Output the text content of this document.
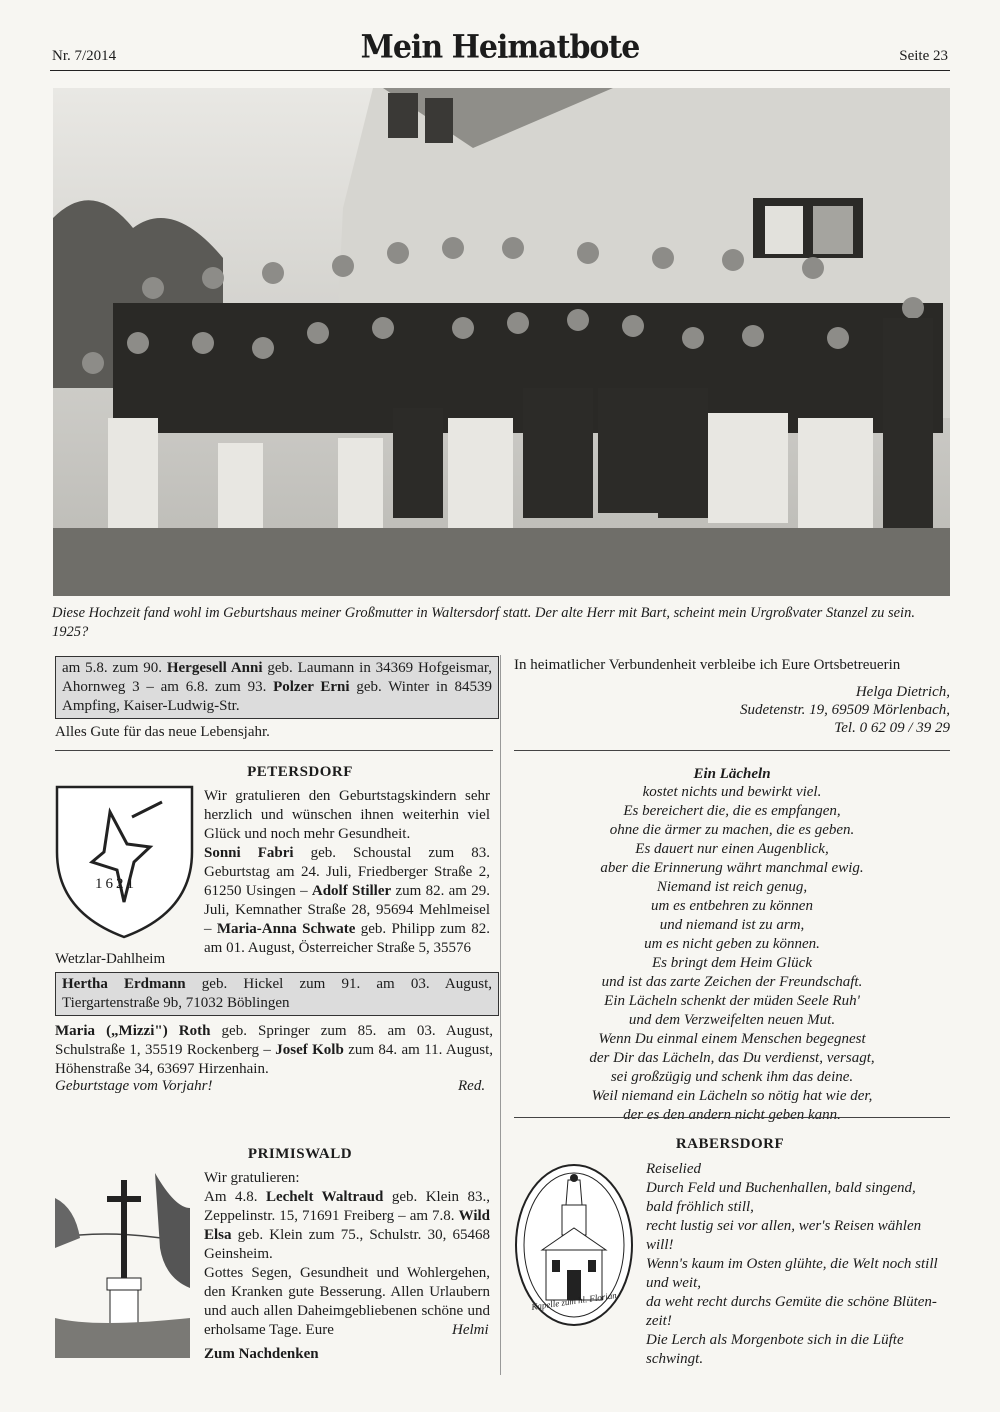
Nr. 7/2014	Mein Heimatbote	Seite 23
Diese Hochzeit fand wohl im Geburtshaus meiner Großmutter in Waltersdorf statt. Der alte Herr mit Bart, scheint mein Urgroßvater Stanzel zu sein. 1925?
am 5.8. zum 90. Hergesell Anni geb. Laumann in 34369 Hofgeismar, Ahornweg 3 – am 6.8. zum 93. Polzer Erni geb. Winter in 84539 Ampfing, Kaiser-Ludwig-Str.
Alles Gute für das neue Lebensjahr.
PETERSDORF
1621
Wir gratulieren den Geburtstagskindern sehr herzlich und wünschen ihnen weiterhin viel Glück und noch mehr Gesundheit.
Sonni Fabri geb. Schoustal zum 83. Geburtstag am 24. Juli, Friedberger Straße 2, 61250 Usingen – Adolf Stiller zum 82. am 29. Juli, Kemnather Straße 28, 95694 Mehlmeisel – Maria-Anna Schwate geb. Philipp zum 82. am 01. August, Österreicher Straße 5, 35576
Wetzlar-Dahlheim
Hertha Erdmann geb. Hickel zum 91. am 03. August, Tiergartenstraße 9b, 71032 Böblingen
Maria („Mizzi") Roth geb. Springer zum 85. am 03. August, Schulstraße 1, 35519 Rockenberg – Josef Kolb zum 84. am 11. August, Höhenstraße 34, 63697 Hirzenhain.
Geburtstage vom Vorjahr!	Red.
PRIMISWALD
Wir gratulieren:
Am 4.8. Lechelt Waltraud geb. Klein 83., Zeppelinstr. 15, 71691 Freiberg – am 7.8. Wild Elsa geb. Klein zum 75., Schulstr. 30, 65468 Geinsheim.
Gottes Segen, Gesundheit und Wohlergehen, den Kranken gute Besserung. Allen Urlaubern und auch allen Daheimgebliebenen schöne und erholsame Tage. Eure	Helmi
Zum Nachdenken
In heimatlicher Verbundenheit verbleibe ich Eure Ortsbetreuerin
Helga Dietrich,
Sudetenstr. 19, 69509 Mörlenbach,
Tel. 0 62 09 / 39 29
Ein Lächeln
kostet nichts und bewirkt viel.
Es bereichert die, die es empfangen,
ohne die ärmer zu machen, die es geben.
Es dauert nur einen Augenblick,
aber die Erinnerung währt manchmal ewig.
Niemand ist reich genug,
um es entbehren zu können
und niemand ist zu arm,
um es nicht geben zu können.
Es bringt dem Heim Glück
und ist das zarte Zeichen der Freundschaft.
Ein Lächeln schenkt der müden Seele Ruh'
und dem Verzweifelten neuen Mut.
Wenn Du einmal einem Menschen begegnest
der Dir das Lächeln, das Du verdienst, versagt,
sei großzügig und schenk ihm das deine.
Weil niemand ein Lächeln so nötig hat wie der,
der es den andern nicht geben kann.
RABERSDORF
Kapelle zum hl. Florian
Reiselied
Durch Feld und Buchenhallen, bald singend,
bald fröhlich still,
recht lustig sei vor allen, wer's Reisen wählen
will!
Wenn's kaum im Osten glühte, die Welt noch still
und weit,
da weht recht durchs Gemüte die schöne Blüten-
zeit!
Die Lerch als Morgenbote sich in die Lüfte
schwingt.
